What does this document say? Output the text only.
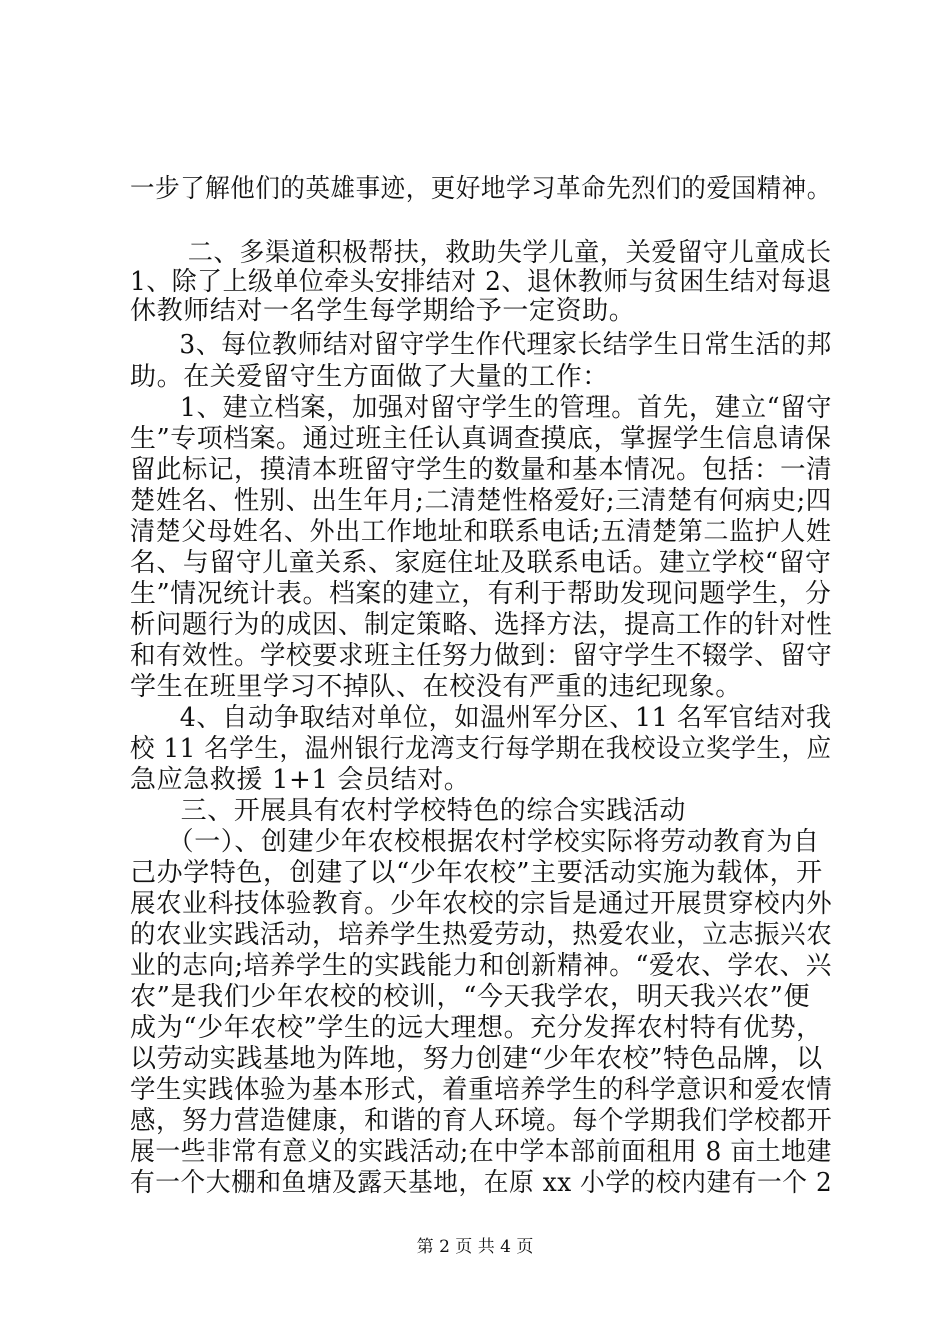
一步了解他们的英雄事迹，更好地学习革命先烈们的爱国精神。
　二、多渠道积极帮扶，救助失学儿童，关爱留守儿童成长
1、除了上级单位牵头安排结对 2、退休教师与贫困生结对每退
休教师结对一名学生每学期给予一定资助。
　3、每位教师结对留守学生作代理家长结学生日常生活的邦
助。在关爱留守生方面做了大量的工作：
　1、建立档案，加强对留守学生的管理。首先，建立“留守
生”专项档案。通过班主任认真调查摸底，掌握学生信息请保
留此标记，摸清本班留守学生的数量和基本情况。包括：一清
楚姓名、性别、出生年月;二清楚性格爱好;三清楚有何病史;四
清楚父母姓名、外出工作地址和联系电话;五清楚第二监护人姓
名、与留守儿童关系、家庭住址及联系电话。建立学校“留守
生”情况统计表。档案的建立，有利于帮助发现问题学生，分
析问题行为的成因、制定策略、选择方法，提高工作的针对性
和有效性。学校要求班主任努力做到：留守学生不辍学、留守
学生在班里学习不掉队、在校没有严重的违纪现象。
　4、自动争取结对单位，如温州军分区、11 名军官结对我
校 11 名学生，温州银行龙湾支行每学期在我校设立奖学生，应
急应急救援 1+1 会员结对。
　三、开展具有农村学校特色的综合实践活动
　（一）、创建少年农校根据农村学校实际将劳动教育为自
己办学特色，创建了以“少年农校”主要活动实施为载体，开
展农业科技体验教育。少年农校的宗旨是通过开展贯穿校内外
的农业实践活动，培养学生热爱劳动，热爱农业，立志振兴农
业的志向;培养学生的实践能力和创新精神。“爱农、学农、兴
农”是我们少年农校的校训，“今天我学农，明天我兴农”便
成为“少年农校”学生的远大理想。充分发挥农村特有优势，
以劳动实践基地为阵地，努力创建“少年农校”特色品牌，以
学生实践体验为基本形式，着重培养学生的科学意识和爱农情
感，努力营造健康，和谐的育人环境。每个学期我们学校都开
展一些非常有意义的实践活动;在中学本部前面租用 8 亩土地建
有一个大棚和鱼塘及露天基地，在原 xx 小学的校内建有一个 2
第 2 页 共 4 页
